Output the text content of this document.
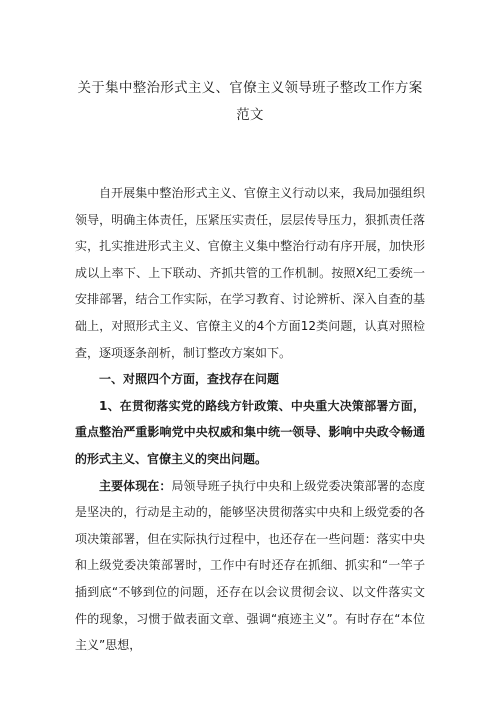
关于集中整治形式主义、官僚主义领导班子整改工作方案
范文

自开展集中整治形式主义、官僚主义行动以来，我局加强组织领导，明确主体责任，压紧压实责任，层层传导压力，狠抓责任落实，扎实推进形式主义、官僚主义集中整治行动有序开展，加快形成以上率下、上下联动、齐抓共管的工作机制。按照X纪工委统一安排部署，结合工作实际，在学习教育、讨论辨析、深入自查的基础上，对照形式主义、官僚主义的4个方面12类问题，认真对照检查，逐项逐条剖析，制订整改方案如下。

一、对照四个方面，查找存在问题

1、在贯彻落实党的路线方针政策、中央重大决策部署方面，重点整治严重影响党中央权威和集中统一领导、影响中央政令畅通的形式主义、官僚主义的突出问题。

主要体现在：局领导班子执行中央和上级党委决策部署的态度是坚决的，行动是主动的，能够坚决贯彻落实中央和上级党委的各项决策部署，但在实际执行过程中，也还存在一些问题：落实中央和上级党委决策部署时，工作中有时还存在抓细、抓实和“一竿子插到底“不够到位的问题，还存在以会议贯彻会议、以文件落实文件的现象，习惯于做表面文章、强调“痕迹主义”。有时存在“本位主义”思想，
